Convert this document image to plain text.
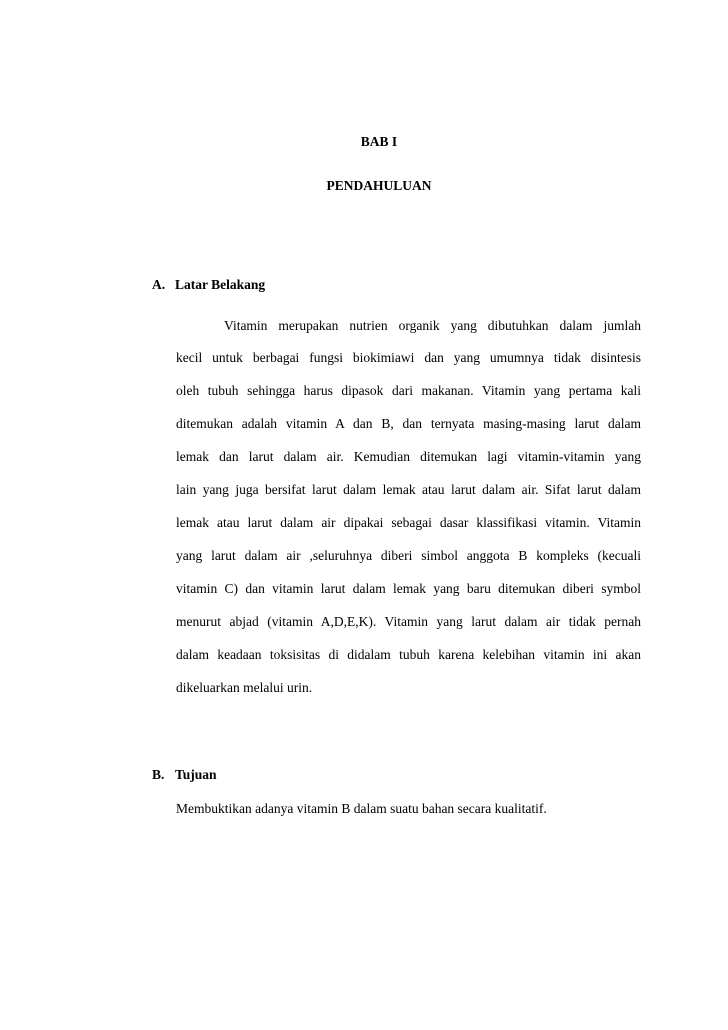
BAB I
PENDAHULUAN
A. Latar Belakang
Vitamin merupakan nutrien organik yang dibutuhkan dalam jumlah
kecil untuk berbagai fungsi biokimiawi dan yang umumnya tidak disintesis
oleh tubuh sehingga harus dipasok dari makanan. Vitamin yang pertama kali
ditemukan adalah vitamin A dan B, dan ternyata masing-masing larut dalam
lemak dan larut dalam air. Kemudian ditemukan lagi vitamin-vitamin yang
lain yang juga bersifat larut dalam lemak atau larut dalam air. Sifat larut dalam
lemak atau larut dalam air dipakai sebagai dasar klassifikasi vitamin. Vitamin
yang larut dalam air ,seluruhnya diberi simbol anggota B kompleks (kecuali
vitamin C) dan vitamin larut dalam lemak yang baru ditemukan diberi symbol
menurut abjad (vitamin A,D,E,K). Vitamin yang larut dalam air tidak pernah
dalam keadaan toksisitas di didalam tubuh karena kelebihan vitamin ini akan
dikeluarkan melalui urin.
B. Tujuan
Membuktikan adanya vitamin B dalam suatu bahan secara kualitatif.
